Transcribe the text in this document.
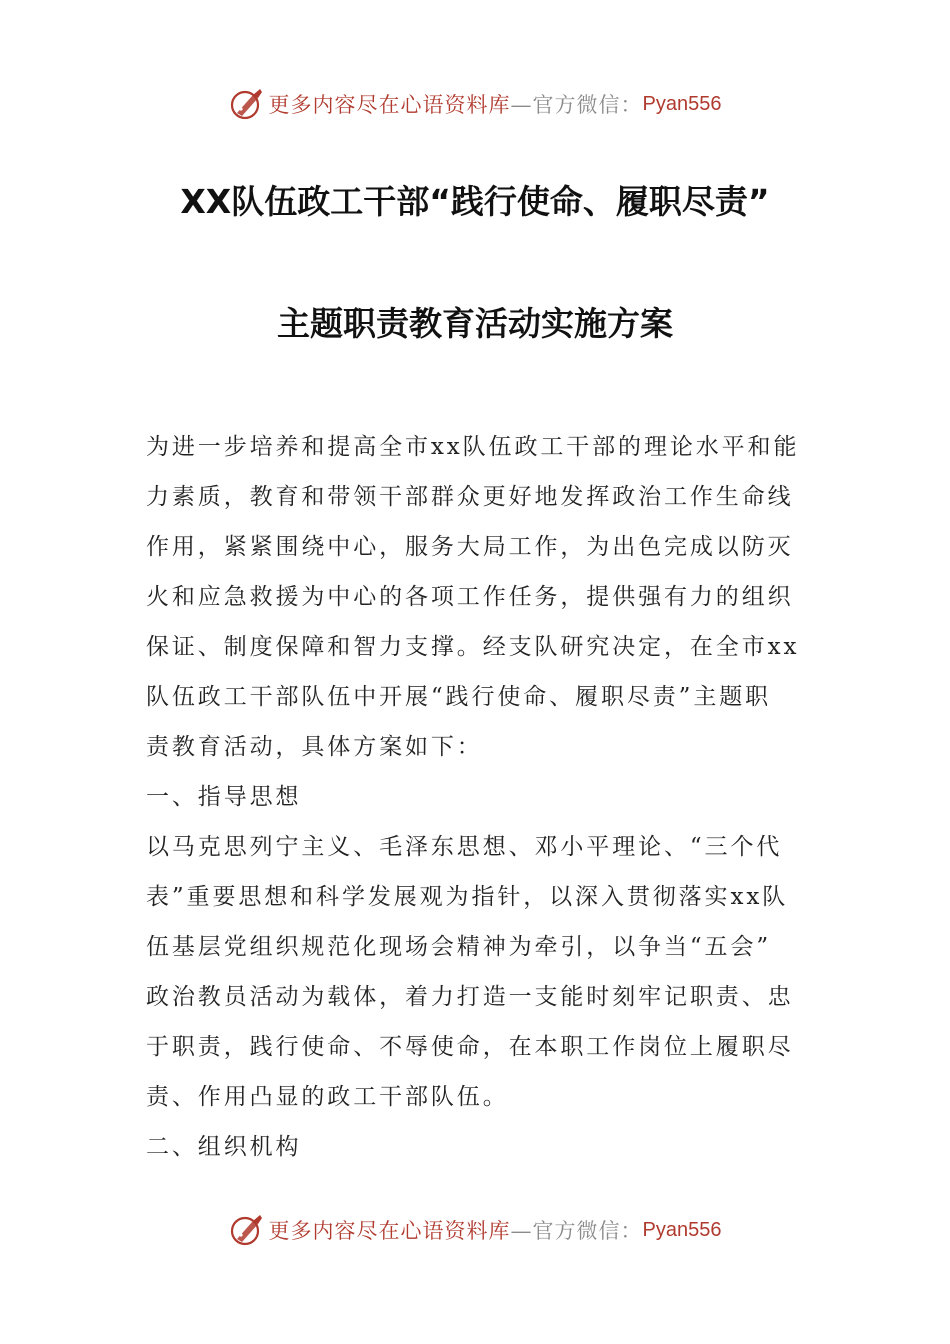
更多内容尽在心语资料库 —官方微信： Pyan556
XX队伍政工干部“践行使命、履职尽责”
主题职责教育活动实施方案

为进一步培养和提高全市xx队伍政工干部的理论水平和能
力素质，教育和带领干部群众更好地发挥政治工作生命线
作用，紧紧围绕中心，服务大局工作，为出色完成以防灭
火和应急救援为中心的各项工作任务，提供强有力的组织
保证、制度保障和智力支撑。经支队研究决定，在全市xx
队伍政工干部队伍中开展“践行使命、履职尽责”主题职
责教育活动，具体方案如下：

一、指导思想

以马克思列宁主义、毛泽东思想、邓小平理论、“三个代
表”重要思想和科学发展观为指针，以深入贯彻落实xx队
伍基层党组织规范化现场会精神为牵引，以争当“五会”
政治教员活动为载体，着力打造一支能时刻牢记职责、忠
于职责，践行使命、不辱使命，在本职工作岗位上履职尽
责、作用凸显的政工干部队伍。

二、组织机构
更多内容尽在心语资料库 —官方微信： Pyan556
